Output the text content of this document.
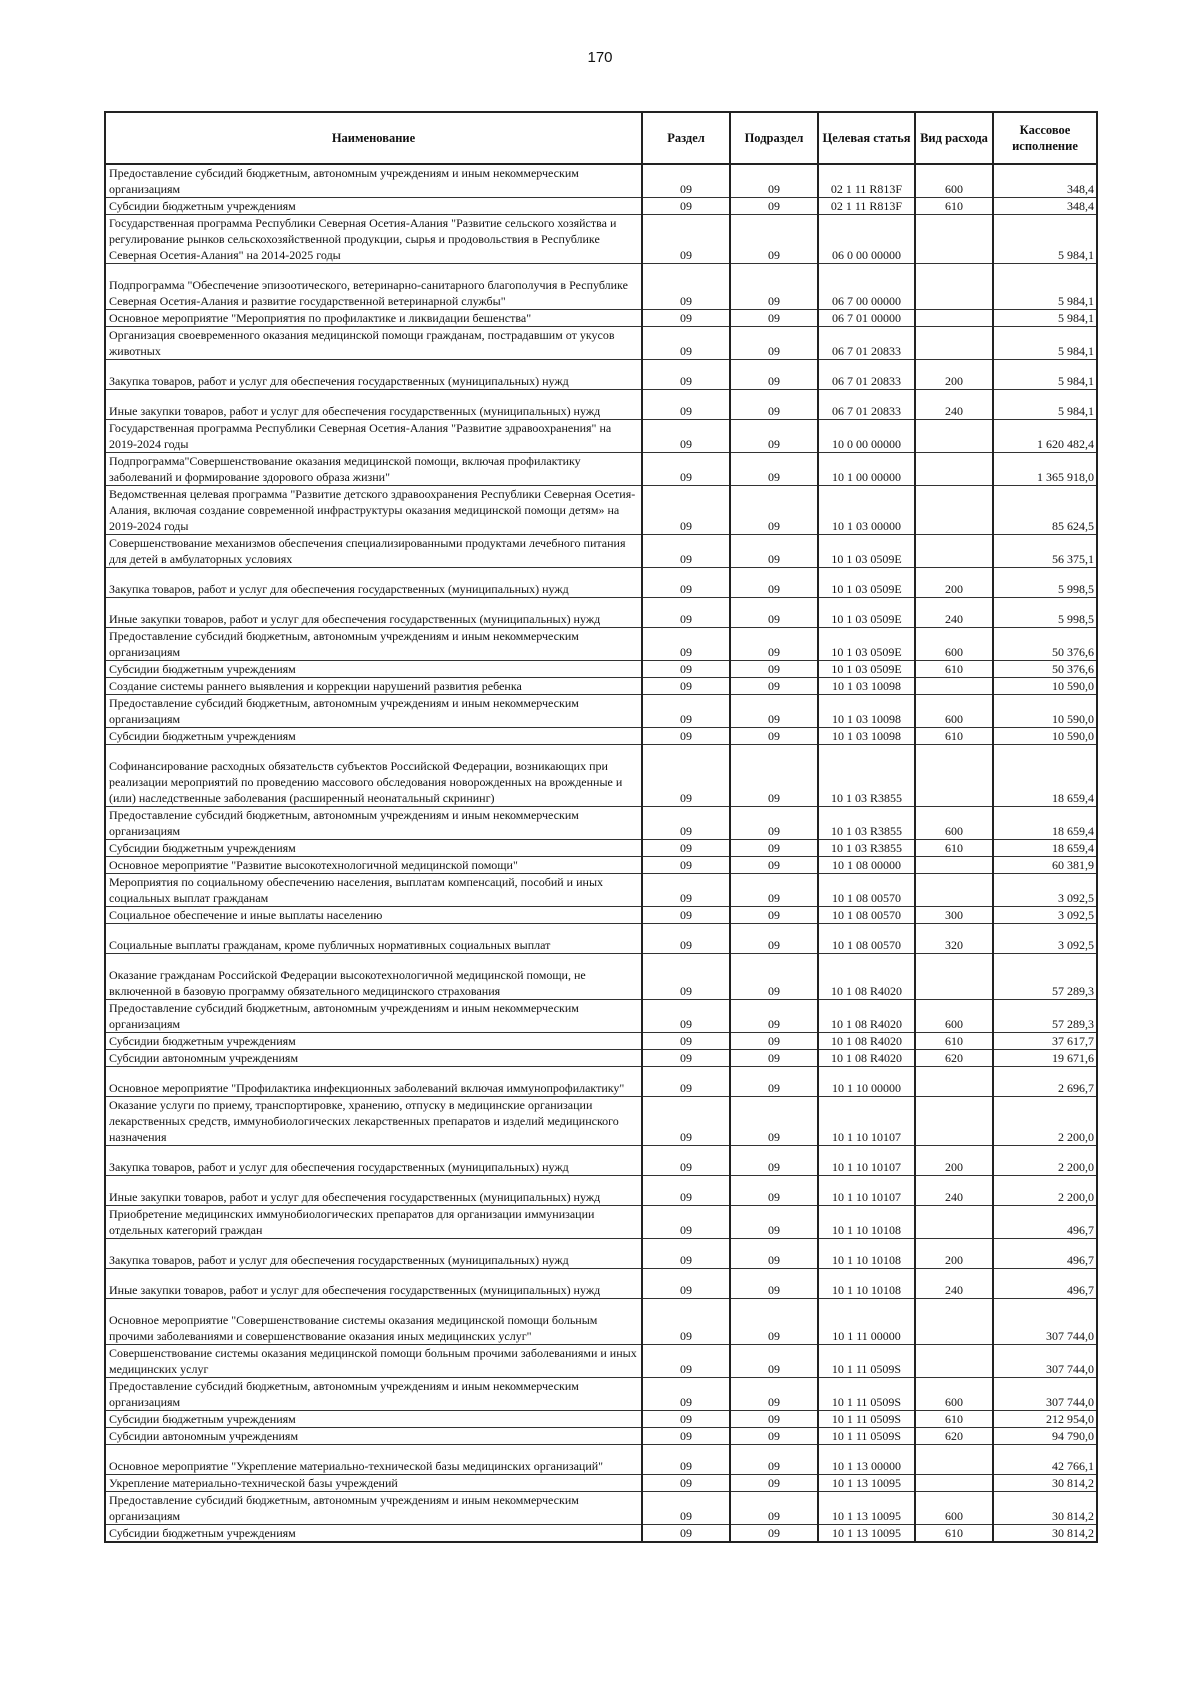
170
Наименование	Раздел	Подраздел	Целевая статья	Вид расхода	Кассовое исполнение
Предоставление субсидий бюджетным, автономным учреждениям и иным некоммерческим организациям	09	09	02 1 11 R813F	600	348,4
Субсидии бюджетным учреждениям	09	09	02 1 11 R813F	610	348,4
Государственная программа Республики Северная Осетия-Алания "Развитие сельского хозяйства и регулирование рынков сельскохозяйственной продукции, сырья и продовольствия в Республике Северная Осетия-Алания" на 2014-2025 годы	09	09	06 0 00 00000		5 984,1
Подпрограмма "Обеспечение эпизоотического, ветеринарно-санитарного благополучия в Республике Северная Осетия-Алания и развитие государственной ветеринарной службы"	09	09	06 7 00 00000		5 984,1
Основное мероприятие "Мероприятия по профилактике и ликвидации бешенства"	09	09	06 7 01 00000		5 984,1
Организация своевременного оказания медицинской помощи гражданам, пострадавшим от укусов животных	09	09	06 7 01 20833		5 984,1
Закупка товаров, работ и услуг для обеспечения государственных (муниципальных) нужд	09	09	06 7 01 20833	200	5 984,1
Иные закупки товаров, работ и услуг для обеспечения государственных (муниципальных) нужд	09	09	06 7 01 20833	240	5 984,1
Государственная программа Республики Северная Осетия-Алания "Развитие здравоохранения" на 2019-2024 годы	09	09	10 0 00 00000		1 620 482,4
Подпрограмма"Совершенствование оказания медицинской помощи, включая профилактику заболеваний и формирование здорового образа жизни"	09	09	10 1 00 00000		1 365 918,0
Ведомственная целевая программа "Развитие детского здравоохранения Республики Северная Осетия-Алания, включая создание современной инфраструктуры оказания медицинской помощи детям» на 2019-2024 годы	09	09	10 1 03 00000		85 624,5
Совершенствование механизмов обеспечения специализированными продуктами лечебного питания для детей в амбулаторных условиях	09	09	10 1 03 0509E		56 375,1
Закупка товаров, работ и услуг для обеспечения государственных (муниципальных) нужд	09	09	10 1 03 0509E	200	5 998,5
Иные закупки товаров, работ и услуг для обеспечения государственных (муниципальных) нужд	09	09	10 1 03 0509E	240	5 998,5
Предоставление субсидий бюджетным, автономным учреждениям и иным некоммерческим организациям	09	09	10 1 03 0509E	600	50 376,6
Субсидии бюджетным учреждениям	09	09	10 1 03 0509E	610	50 376,6
Создание системы раннего выявления и коррекции нарушений развития ребенка	09	09	10 1 03 10098		10 590,0
Предоставление субсидий бюджетным, автономным учреждениям и иным некоммерческим организациям	09	09	10 1 03 10098	600	10 590,0
Субсидии бюджетным учреждениям	09	09	10 1 03 10098	610	10 590,0
Софинансирование расходных обязательств субъектов Российской Федерации, возникающих при реализации мероприятий по проведению массового обследования новорожденных на врожденные и (или) наследственные заболевания (расширенный неонатальный скрининг)	09	09	10 1 03 R3855		18 659,4
Предоставление субсидий бюджетным, автономным учреждениям и иным некоммерческим организациям	09	09	10 1 03 R3855	600	18 659,4
Субсидии бюджетным учреждениям	09	09	10 1 03 R3855	610	18 659,4
Основное мероприятие "Развитие высокотехнологичной медицинской помощи"	09	09	10 1 08 00000		60 381,9
Мероприятия по социальному обеспечению населения, выплатам компенсаций, пособий и иных социальных выплат гражданам	09	09	10 1 08 00570		3 092,5
Социальное обеспечение и иные выплаты населению	09	09	10 1 08 00570	300	3 092,5
Социальные выплаты гражданам, кроме публичных нормативных социальных выплат	09	09	10 1 08 00570	320	3 092,5
Оказание гражданам Российской Федерации высокотехнологичной медицинской помощи, не включенной в базовую программу обязательного медицинского страхования	09	09	10 1 08 R4020		57 289,3
Предоставление субсидий бюджетным, автономным учреждениям и иным некоммерческим организациям	09	09	10 1 08 R4020	600	57 289,3
Субсидии бюджетным учреждениям	09	09	10 1 08 R4020	610	37 617,7
Субсидии автономным учреждениям	09	09	10 1 08 R4020	620	19 671,6
Основное мероприятие "Профилактика инфекционных заболеваний включая иммунопрофилактику"	09	09	10 1 10 00000		2 696,7
Оказание услуги по приему, транспортировке, хранению, отпуску в медицинские организации лекарственных средств, иммунобиологических лекарственных препаратов и изделий медицинского назначения	09	09	10 1 10 10107		2 200,0
Закупка товаров, работ и услуг для обеспечения государственных (муниципальных) нужд	09	09	10 1 10 10107	200	2 200,0
Иные закупки товаров, работ и услуг для обеспечения государственных (муниципальных) нужд	09	09	10 1 10 10107	240	2 200,0
Приобретение медицинских иммунобиологических препаратов для организации иммунизации отдельных категорий граждан	09	09	10 1 10 10108		496,7
Закупка товаров, работ и услуг для обеспечения государственных (муниципальных) нужд	09	09	10 1 10 10108	200	496,7
Иные закупки товаров, работ и услуг для обеспечения государственных (муниципальных) нужд	09	09	10 1 10 10108	240	496,7
Основное мероприятие "Совершенствование системы оказания медицинской помощи больным прочими заболеваниями и совершенствование оказания иных медицинских услуг"	09	09	10 1 11 00000		307 744,0
Совершенствование системы оказания медицинской помощи больным прочими заболеваниями и иных медицинских услуг	09	09	10 1 11 0509S		307 744,0
Предоставление субсидий бюджетным, автономным учреждениям и иным некоммерческим организациям	09	09	10 1 11 0509S	600	307 744,0
Субсидии бюджетным учреждениям	09	09	10 1 11 0509S	610	212 954,0
Субсидии автономным учреждениям	09	09	10 1 11 0509S	620	94 790,0
Основное мероприятие "Укрепление материально-технической базы медицинских организаций"	09	09	10 1 13 00000		42 766,1
Укрепление материально-технической базы учреждений	09	09	10 1 13 10095		30 814,2
Предоставление субсидий бюджетным, автономным учреждениям и иным некоммерческим организациям	09	09	10 1 13 10095	600	30 814,2
Субсидии бюджетным учреждениям	09	09	10 1 13 10095	610	30 814,2
